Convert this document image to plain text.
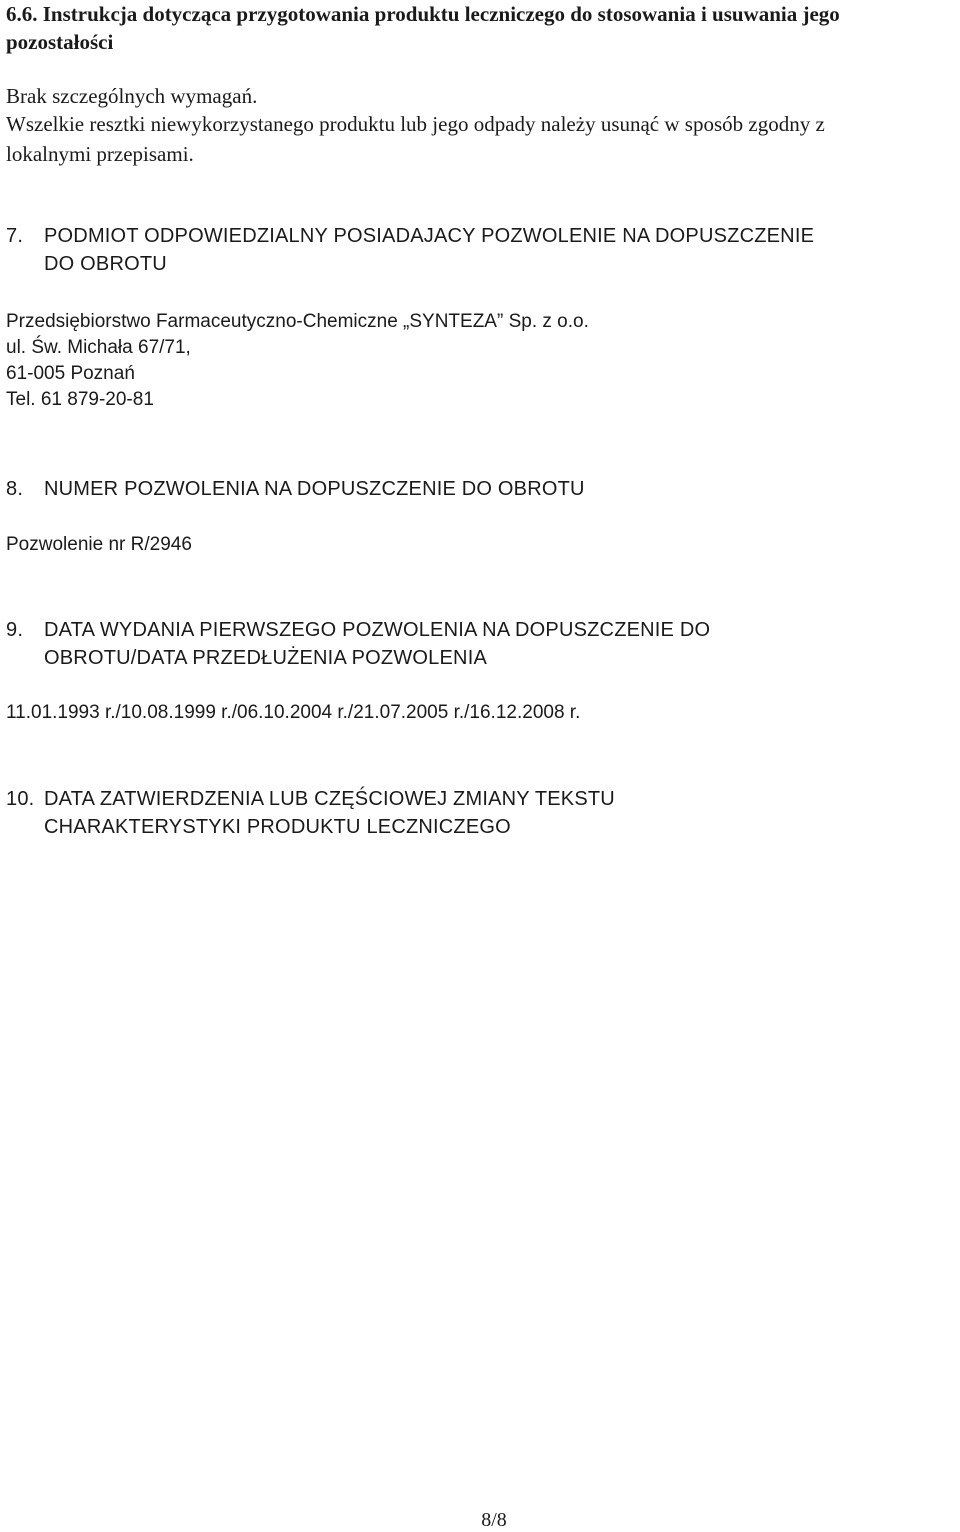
6.6. Instrukcja dotycząca przygotowania produktu leczniczego do stosowania i usuwania jego
pozostałości
Brak szczególnych wymagań.
Wszelkie resztki niewykorzystanego produktu lub jego odpady należy usunąć w sposób zgodny z
lokalnymi przepisami.
7. PODMIOT ODPOWIEDZIALNY POSIADAJACY POZWOLENIE NA DOPUSZCZENIE
DO OBROTU
Przedsiębiorstwo Farmaceutyczno-Chemiczne „SYNTEZA” Sp. z o.o.
ul. Św. Michała 67/71,
61-005 Poznań
Tel. 61 879-20-81
8. NUMER POZWOLENIA NA DOPUSZCZENIE DO OBROTU
Pozwolenie nr R/2946
9. DATA WYDANIA PIERWSZEGO POZWOLENIA NA DOPUSZCZENIE DO
OBROTU/DATA PRZEDŁUŻENIA POZWOLENIA
11.01.1993 r./10.08.1999 r./06.10.2004 r./21.07.2005 r./16.12.2008 r.
10. DATA ZATWIERDZENIA LUB CZĘŚCIOWEJ ZMIANY TEKSTU
CHARAKTERYSTYKI PRODUKTU LECZNICZEGO
8/8
